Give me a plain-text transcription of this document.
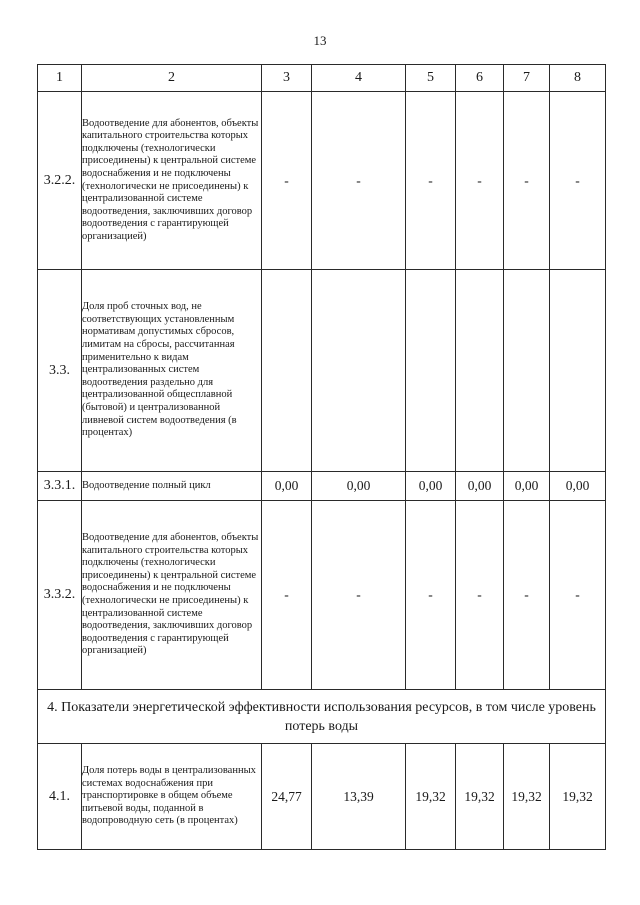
13
1	2	3	4	5	6	7	8
3.2.2.	Водоотведение для абонентов, объекты капитального строительства которых подключены (технологически присоединены) к центральной системе водоснабжения и не подключены (технологически не присоединены) к централизованной системе водоотведения, заключивших договор водоотведения с гарантирующей организацией)	-	-	-	-	-	-
3.3.	Доля проб сточных вод, не соответствующих установленным нормативам допустимых сбросов, лимитам на сбросы, рассчитанная применительно к видам централизованных систем водоотведения раздельно для централизованной общесплавной (бытовой) и централизованной ливневой систем водоотведения (в процентах)						
3.3.1.	Водоотведение полный цикл	0,00	0,00	0,00	0,00	0,00	0,00
3.3.2.	Водоотведение для абонентов, объекты капитального строительства которых подключены (технологически присоединены) к центральной системе водоснабжения и не подключены (технологически не присоединены) к централизованной системе водоотведения, заключивших договор водоотведения с гарантирующей организацией)	-	-	-	-	-	-
4. Показатели энергетической эффективности использования ресурсов, в том числе уровень потерь воды							
4.1.	Доля потерь воды в централизованных системах водоснабжения при транспортировке в общем объеме питьевой воды, поданной в водопроводную сеть (в процентах)	24,77	13,39	19,32	19,32	19,32	19,32
